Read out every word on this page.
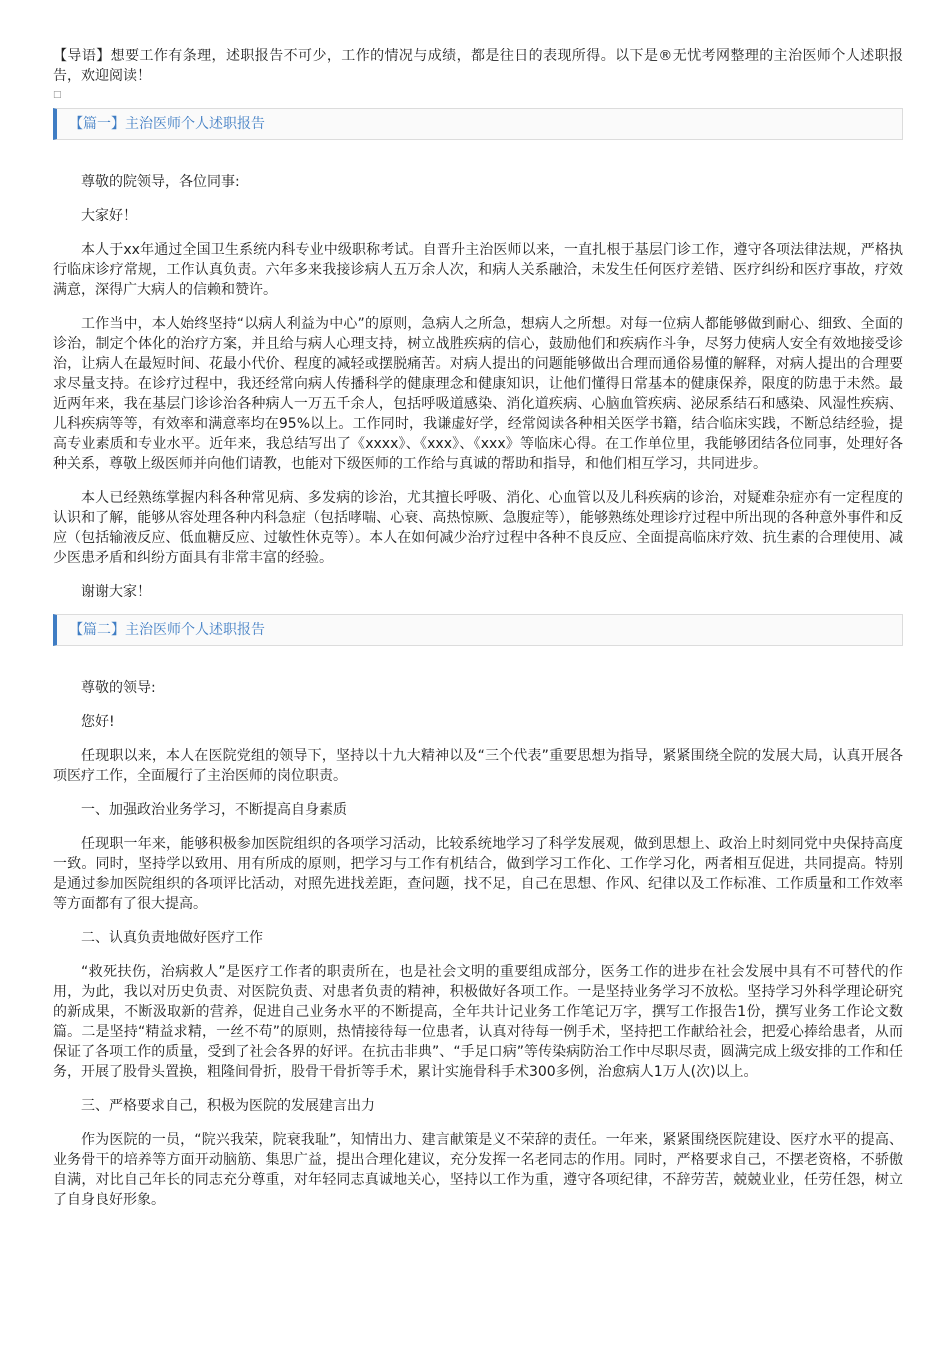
【导语】想要工作有条理，述职报告不可少，工作的情况与成绩，都是往日的表现所得。以下是®无忧考网整理的主治医师个人述职报告，欢迎阅读！

□
【篇一】主治医师个人述职报告

尊敬的院领导，各位同事:

大家好！

本人于xx年通过全国卫生系统内科专业中级职称考试。自晋升主治医师以来，一直扎根于基层门诊工作，遵守各项法律法规，严格执行临床诊疗常规，工作认真负责。六年多来我接诊病人五万余人次，和病人关系融洽，未发生任何医疗差错、医疗纠纷和医疗事故，疗效满意，深得广大病人的信赖和赞许。

工作当中，本人始终坚持“以病人利益为中心”的原则，急病人之所急，想病人之所想。对每一位病人都能够做到耐心、细致、全面的诊治，制定个体化的治疗方案，并且给与病人心理支持，树立战胜疾病的信心，鼓励他们和疾病作斗争，尽努力使病人安全有效地接受诊治，让病人在最短时间、花最小代价、程度的减轻或摆脱痛苦。对病人提出的问题能够做出合理而通俗易懂的解释，对病人提出的合理要求尽量支持。在诊疗过程中，我还经常向病人传播科学的健康理念和健康知识，让他们懂得日常基本的健康保养，限度的防患于未然。最近两年来，我在基层门诊诊治各种病人一万五千余人，包括呼吸道感染、消化道疾病、心脑血管疾病、泌尿系结石和感染、风湿性疾病、儿科疾病等等，有效率和满意率均在95%以上。工作同时，我谦虚好学，经常阅读各种相关医学书籍，结合临床实践，不断总结经验，提高专业素质和专业水平。近年来，我总结写出了《xxxx》、《xxx》、《xxx》等临床心得。在工作单位里，我能够团结各位同事，处理好各种关系，尊敬上级医师并向他们请教，也能对下级医师的工作给与真诚的帮助和指导，和他们相互学习，共同进步。

本人已经熟练掌握内科各种常见病、多发病的诊治，尤其擅长呼吸、消化、心血管以及儿科疾病的诊治，对疑难杂症亦有一定程度的认识和了解，能够从容处理各种内科急症（包括哮喘、心衰、高热惊厥、急腹症等），能够熟练处理诊疗过程中所出现的各种意外事件和反应（包括输液反应、低血糖反应、过敏性休克等）。本人在如何减少治疗过程中各种不良反应、全面提高临床疗效、抗生素的合理使用、减少医患矛盾和纠纷方面具有非常丰富的经验。

谢谢大家！

【篇二】主治医师个人述职报告

尊敬的领导:

您好!

任现职以来，本人在医院党组的领导下，坚持以十九大精神以及“三个代表”重要思想为指导，紧紧围绕全院的发展大局，认真开展各项医疗工作，全面履行了主治医师的岗位职责。

一、加强政治业务学习，不断提高自身素质

任现职一年来，能够积极参加医院组织的各项学习活动，比较系统地学习了科学发展观，做到思想上、政治上时刻同党中央保持高度一致。同时，坚持学以致用、用有所成的原则，把学习与工作有机结合，做到学习工作化、工作学习化，两者相互促进，共同提高。特别是通过参加医院组织的各项评比活动，对照先进找差距，查问题，找不足，自己在思想、作风、纪律以及工作标准、工作质量和工作效率等方面都有了很大提高。

二、认真负责地做好医疗工作

“救死扶伤，治病救人”是医疗工作者的职责所在，也是社会文明的重要组成部分，医务工作的进步在社会发展中具有不可替代的作用，为此，我以对历史负责、对医院负责、对患者负责的精神，积极做好各项工作。一是坚持业务学习不放松。坚持学习外科学理论研究的新成果，不断汲取新的营养，促进自己业务水平的不断提高，全年共计记业务工作笔记万字，撰写工作报告1份，撰写业务工作论文数篇。二是坚持“精益求精，一丝不苟”的原则，热情接待每一位患者，认真对待每一例手术，坚持把工作献给社会，把爱心捧给患者，从而保证了各项工作的质量，受到了社会各界的好评。在抗击非典”、“手足口病”等传染病防治工作中尽职尽责，圆满完成上级安排的工作和任务，开展了股骨头置换，粗隆间骨折，股骨干骨折等手术，累计实施骨科手术300多例，治愈病人1万人(次)以上。

三、严格要求自己，积极为医院的发展建言出力

作为医院的一员，“院兴我荣，院衰我耻”，知情出力、建言献策是义不荣辞的责任。一年来，紧紧围绕医院建设、医疗水平的提高、业务骨干的培养等方面开动脑筋、集思广益，提出合理化建议，充分发挥一名老同志的作用。同时，严格要求自己，不摆老资格，不骄傲自满，对比自己年长的同志充分尊重，对年轻同志真诚地关心，坚持以工作为重，遵守各项纪律，不辞劳苦，兢兢业业，任劳任怨，树立了自身良好形象。
